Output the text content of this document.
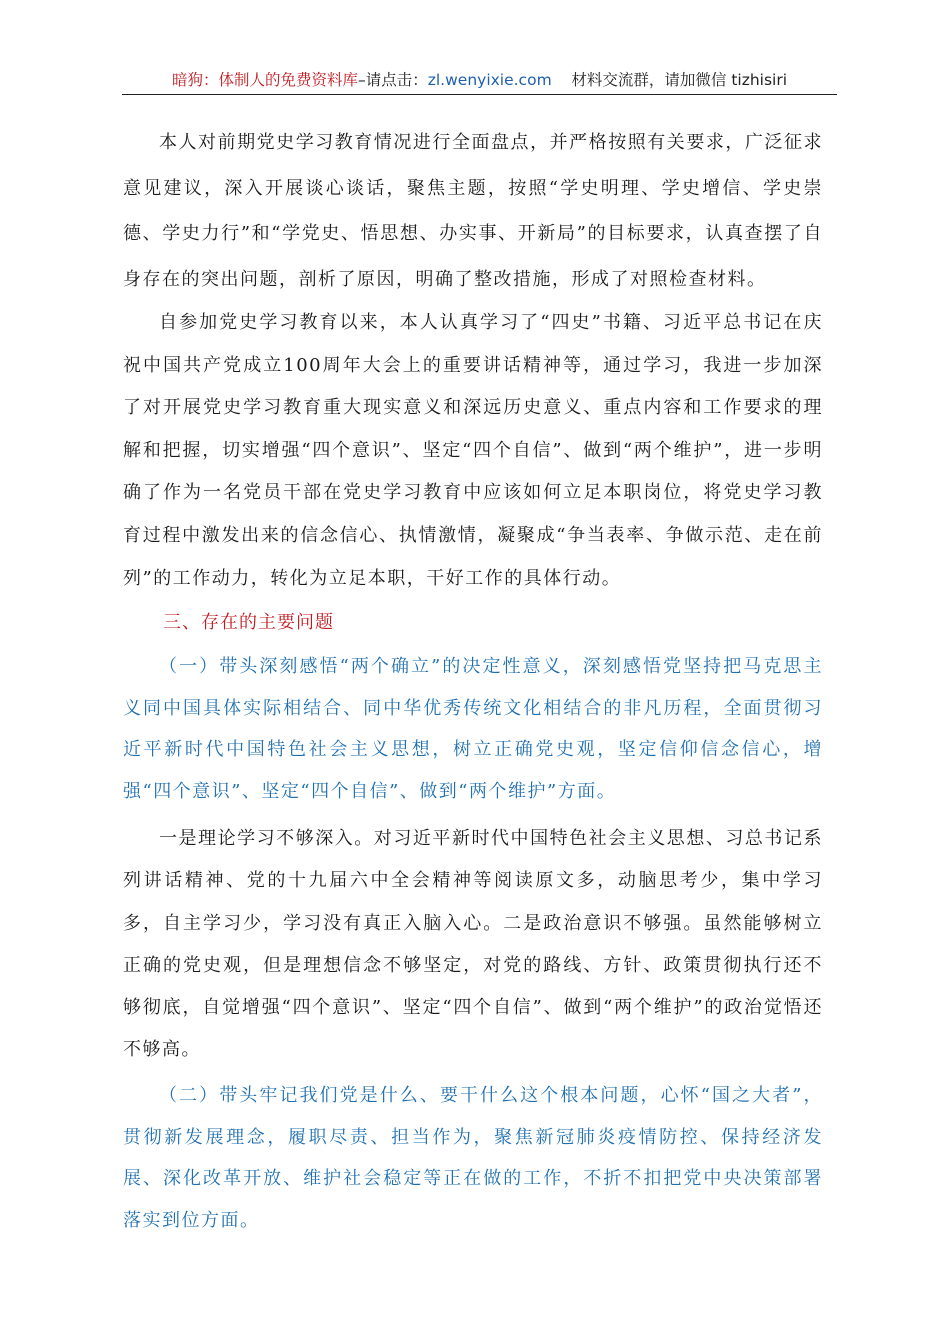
暗狗：体制人的免费资料库–请点击：zl.wenyixie.com 材料交流群，请加微信 tizhisiri

本人对前期党史学习教育情况进行全面盘点，并严格按照有关要求，广泛征求意见建议，深入开展谈心谈话，聚焦主题，按照“学史明理、学史增信、学史崇德、学史力行”和“学党史、悟思想、办实事、开新局”的目标要求，认真查摆了自身存在的突出问题，剖析了原因，明确了整改措施，形成了对照检查材料。

自参加党史学习教育以来，本人认真学习了“四史”书籍、习近平总书记在庆祝中国共产党成立100周年大会上的重要讲话精神等，通过学习，我进一步加深了对开展党史学习教育重大现实意义和深远历史意义、重点内容和工作要求的理解和把握，切实增强“四个意识”、坚定“四个自信”、做到“两个维护”，进一步明确了作为一名党员干部在党史学习教育中应该如何立足本职岗位，将党史学习教育过程中激发出来的信念信心、执情激情，凝聚成“争当表率、争做示范、走在前列”的工作动力，转化为立足本职，干好工作的具体行动。

三、存在的主要问题

（一）带头深刻感悟“两个确立”的决定性意义，深刻感悟党坚持把马克思主义同中国具体实际相结合、同中华优秀传统文化相结合的非凡历程，全面贯彻习近平新时代中国特色社会主义思想，树立正确党史观，坚定信仰信念信心，增强“四个意识”、坚定“四个自信”、做到“两个维护”方面。

一是理论学习不够深入。对习近平新时代中国特色社会主义思想、习总书记系列讲话精神、党的十九届六中全会精神等阅读原文多，动脑思考少，集中学习多，自主学习少，学习没有真正入脑入心。二是政治意识不够强。虽然能够树立正确的党史观，但是理想信念不够坚定，对党的路线、方针、政策贯彻执行还不够彻底，自觉增强“四个意识”、坚定“四个自信”、做到“两个维护”的政治觉悟还不够高。

（二）带头牢记我们党是什么、要干什么这个根本问题，心怀“国之大者”，贯彻新发展理念，履职尽责、担当作为，聚焦新冠肺炎疫情防控、保持经济发展、深化改革开放、维护社会稳定等正在做的工作，不折不扣把党中央决策部署落实到位方面。
